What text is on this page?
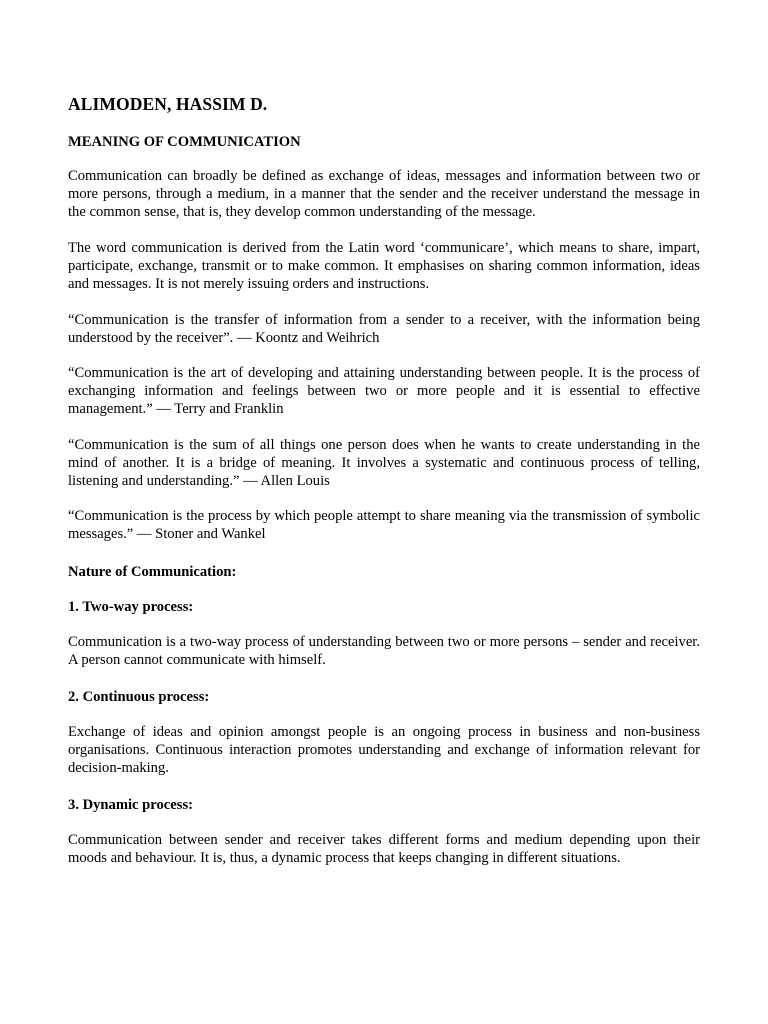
ALIMODEN, HASSIM D.
MEANING OF COMMUNICATION

Communication can broadly be defined as exchange of ideas, messages and information between two or more persons, through a medium, in a manner that the sender and the receiver understand the message in the common sense, that is, they develop common understanding of the message.

The word communication is derived from the Latin word ‘communicare’, which means to share, impart, participate, exchange, transmit or to make common. It emphasises on sharing common information, ideas and messages. It is not merely issuing orders and instructions.

“Communication is the transfer of information from a sender to a receiver, with the information being understood by the receiver”. — Koontz and Weihrich

“Communication is the art of developing and attaining understanding between people. It is the process of exchanging information and feelings between two or more people and it is essential to effective management.” — Terry and Franklin

“Communication is the sum of all things one person does when he wants to create understanding in the mind of another. It is a bridge of meaning. It involves a systematic and continuous process of telling, listening and understanding.” — Allen Louis

“Communication is the process by which people attempt to share meaning via the transmission of symbolic messages.” — Stoner and Wankel

Nature of Communication:
1. Two-way process:

Communication is a two-way process of understanding between two or more persons – sender and receiver. A person cannot communicate with himself.

2. Continuous process:

Exchange of ideas and opinion amongst people is an ongoing process in business and non-business organisations. Continuous interaction promotes understanding and exchange of information relevant for decision-making.

3. Dynamic process:

Communication between sender and receiver takes different forms and medium depending upon their moods and behaviour. It is, thus, a dynamic process that keeps changing in different situations.
